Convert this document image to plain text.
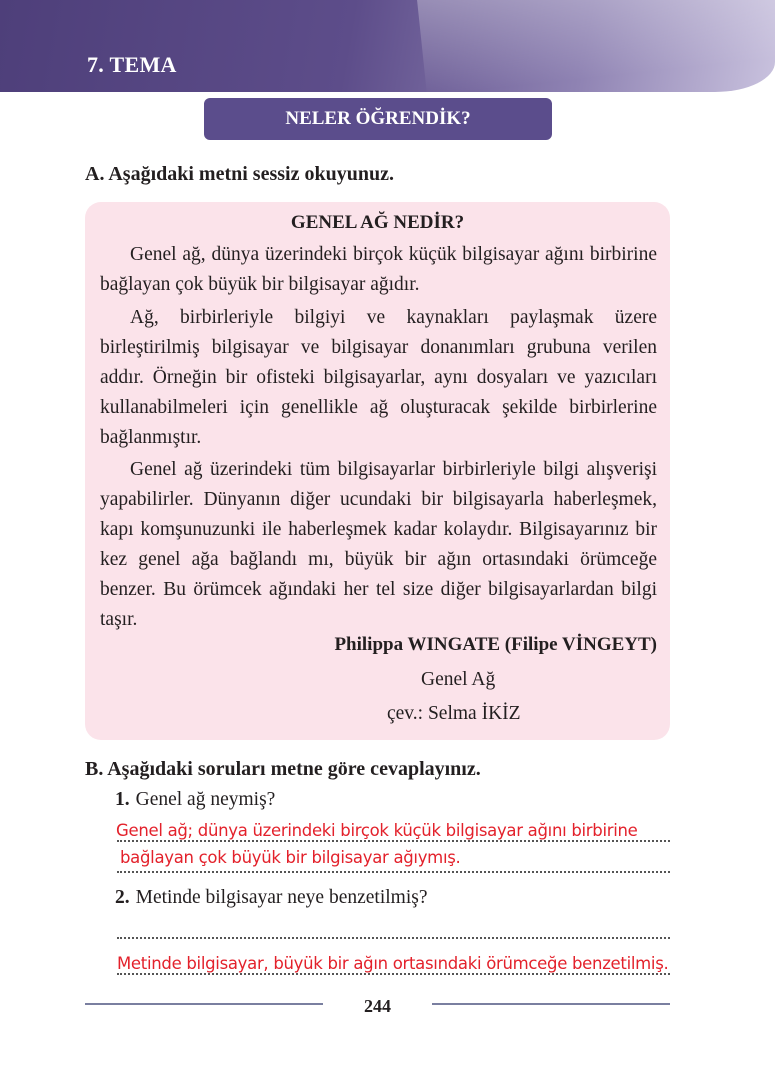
7. TEMA
NELER ÖĞRENDİK?
A. Aşağıdaki metni sessiz okuyunuz.
GENEL AĞ NEDİR?

Genel ağ, dünya üzerindeki birçok küçük bilgisayar ağını birbirine bağlayan çok büyük bir bilgisayar ağıdır.

Ağ, birbirleriyle bilgiyi ve kaynakları paylaşmak üzere birleştirilmiş bilgisayar ve bilgisayar donanımları grubuna verilen addır. Örneğin bir ofisteki bilgisayarlar, aynı dosyaları ve yazıcıları kullanabilmeleri için genellikle ağ oluşturacak şekilde birbirlerine bağlanmıştır.

Genel ağ üzerindeki tüm bilgisayarlar birbirleriyle bilgi alışverişi yapabilirler. Dünyanın diğer ucundaki bir bilgisayarla haberleşmek, kapı komşunuzunki ile haberleşmek kadar kolaydır. Bilgisayarınız bir kez genel ağa bağlandı mı, büyük bir ağın ortasındaki örümceğe benzer. Bu örümcek ağındaki her tel size diğer bilgisayarlardan bilgi taşır.

Philippa WINGATE (Filipe VİNGEYT)
Genel Ağ
çev.: Selma İKİZ
B. Aşağıdaki soruları metne göre cevaplayınız.
1. Genel ağ neymiş?
Genel ağ; dünya üzerindeki birçok küçük bilgisayar ağını birbirine
bağlayan çok büyük bir bilgisayar ağıymış.
2. Metinde bilgisayar neye benzetilmiş?
Metinde bilgisayar, büyük bir ağın ortasındaki örümceğe benzetilmiş.
244
